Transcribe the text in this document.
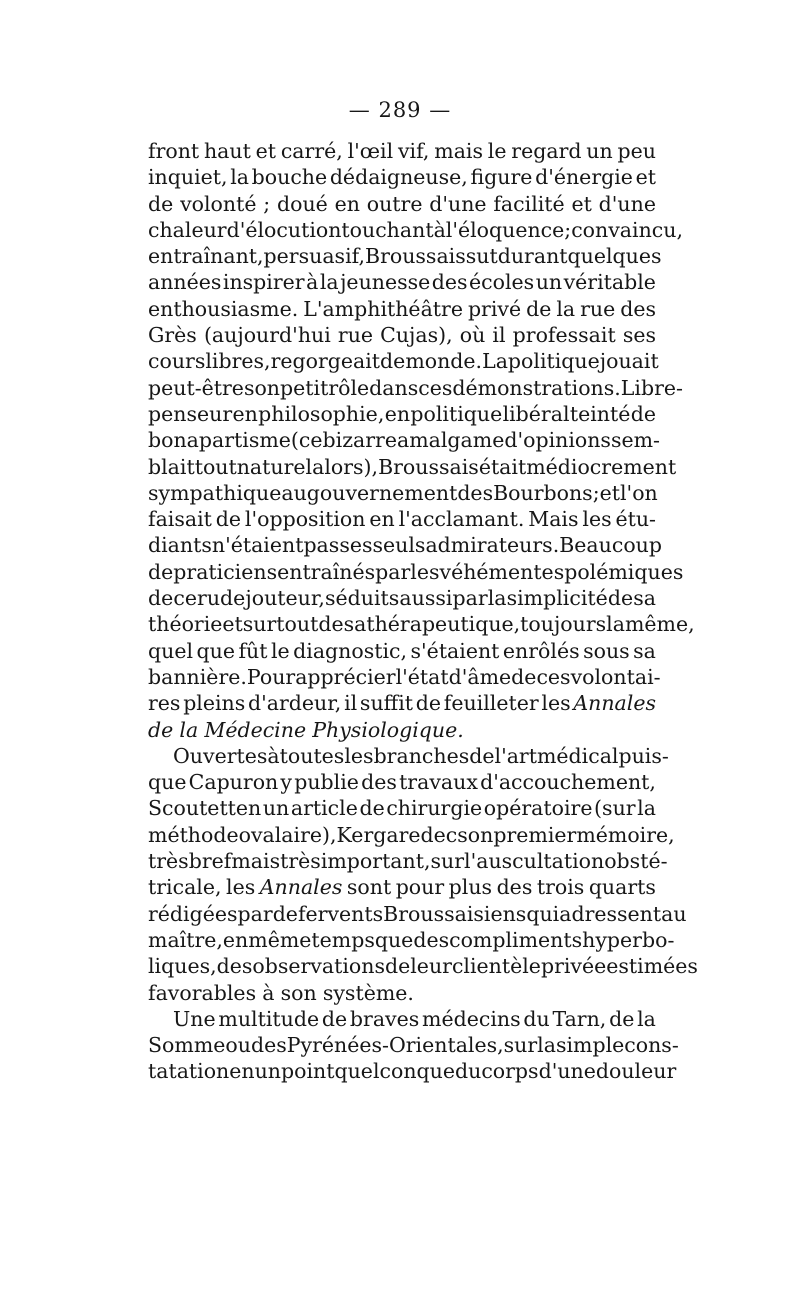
— 289 —
front haut et carré, l'œil vif, mais le regard un peu
inquiet, la bouche dédaigneuse, figure d'énergie et
de volonté ; doué en outre d'une facilité et d'une
chaleur d'élocution touchant à l'éloquence; convaincu,
entraînant, persuasif, Broussais sut durant quelques
années inspirer à la jeunesse des écoles un véritable
enthousiasme. L'amphithéâtre privé de la rue des
Grès (aujourd'hui rue Cujas), où il professait ses
cours libres, regorgeait de monde. La politique jouait
peut-être son petit rôle dans ces démonstrations. Libre-
penseur en philosophie, en politique libéral teinté de
bonapartisme (ce bizarre amalgame d'opinions sem-
blait tout naturel alors), Broussais était médiocrement
sympathique au gouvernement des Bourbons ; et l'on
faisait de l'opposition en l'acclamant. Mais les étu-
diants n'étaient pas ses seuls admirateurs. Beaucoup
de praticiens entraînés par les véhémentes polémiques
de ce rude jouteur, séduits aussi par la simplicité de sa
théorie et surtout de sa thérapeutique,toujours la même,
quel que fût le diagnostic, s'étaient enrôlés sous sa
bannière. Pour apprécier l'état d'âme de ces volontai-
res pleins d'ardeur, il suffit de feuilleter les Annales
de la Médecine Physiologique.
Ouvertes à toutes les branches de l'art médical puis-
que Capuron y publie des travaux d'accouchement,
Scoutetten un article de chirurgie opératoire (sur la
méthode ovalaire), Kergaredec son premier mémoire,
très bref mais très important, sur l'auscultation obsté-
tricale, les Annales sont pour plus des trois quarts
rédigées par de fervents Broussaisiens qui adressent au
maître, en même temps que des compliments hyperbo-
liques, des observations de leur clientèle privée estimées
favorables à son système.
Une multitude de braves médecins du Tarn, de la
Somme ou des Pyrénées-Orientales, sur la simple cons-
tatation en un point quelconque du corps d'une douleur
